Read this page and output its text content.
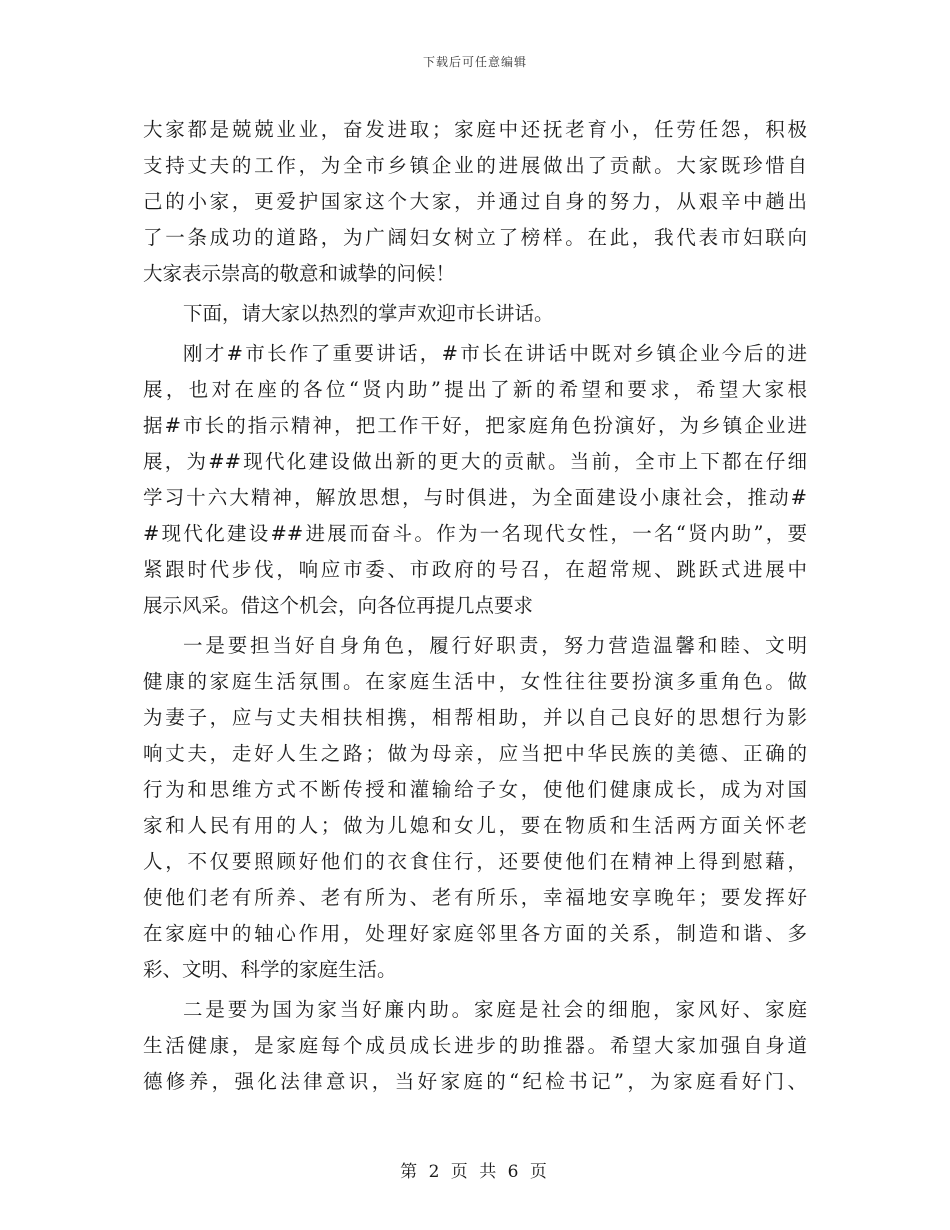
下载后可任意编辑

大家都是兢兢业业，奋发进取；家庭中还抚老育小，任劳任怨，积极

支持丈夫的工作，为全市乡镇企业的进展做出了贡献。大家既珍惜自

己的小家，更爱护国家这个大家，并通过自身的努力，从艰辛中趟出

了一条成功的道路，为广阔妇女树立了榜样。在此，我代表市妇联向

大家表示崇高的敬意和诚挚的问候！

下面，请大家以热烈的掌声欢迎市长讲话。

刚才#市长作了重要讲话，#市长在讲话中既对乡镇企业今后的进

展，也对在座的各位“贤内助”提出了新的希望和要求，希望大家根

据#市长的指示精神，把工作干好，把家庭角色扮演好，为乡镇企业进

展，为##现代化建设做出新的更大的贡献。当前，全市上下都在仔细

学习十六大精神，解放思想，与时俱进，为全面建设小康社会，推动#

#现代化建设##进展而奋斗。作为一名现代女性，一名“贤内助”，要

紧跟时代步伐，响应市委、市政府的号召，在超常规、跳跃式进展中

展示风采。借这个机会，向各位再提几点要求

一是要担当好自身角色，履行好职责，努力营造温馨和睦、文明

健康的家庭生活氛围。在家庭生活中，女性往往要扮演多重角色。做

为妻子，应与丈夫相扶相携，相帮相助，并以自己良好的思想行为影

响丈夫，走好人生之路；做为母亲，应当把中华民族的美德、正确的

行为和思维方式不断传授和灌输给子女，使他们健康成长，成为对国

家和人民有用的人；做为儿媳和女儿，要在物质和生活两方面关怀老

人，不仅要照顾好他们的衣食住行，还要使他们在精神上得到慰藉，

使他们老有所养、老有所为、老有所乐，幸福地安享晚年；要发挥好

在家庭中的轴心作用，处理好家庭邻里各方面的关系，制造和谐、多

彩、文明、科学的家庭生活。

二是要为国为家当好廉内助。家庭是社会的细胞，家风好、家庭

生活健康，是家庭每个成员成长进步的助推器。希望大家加强自身道

德修养，强化法律意识，当好家庭的“纪检书记”，为家庭看好门、

第 2 页 共 6 页
